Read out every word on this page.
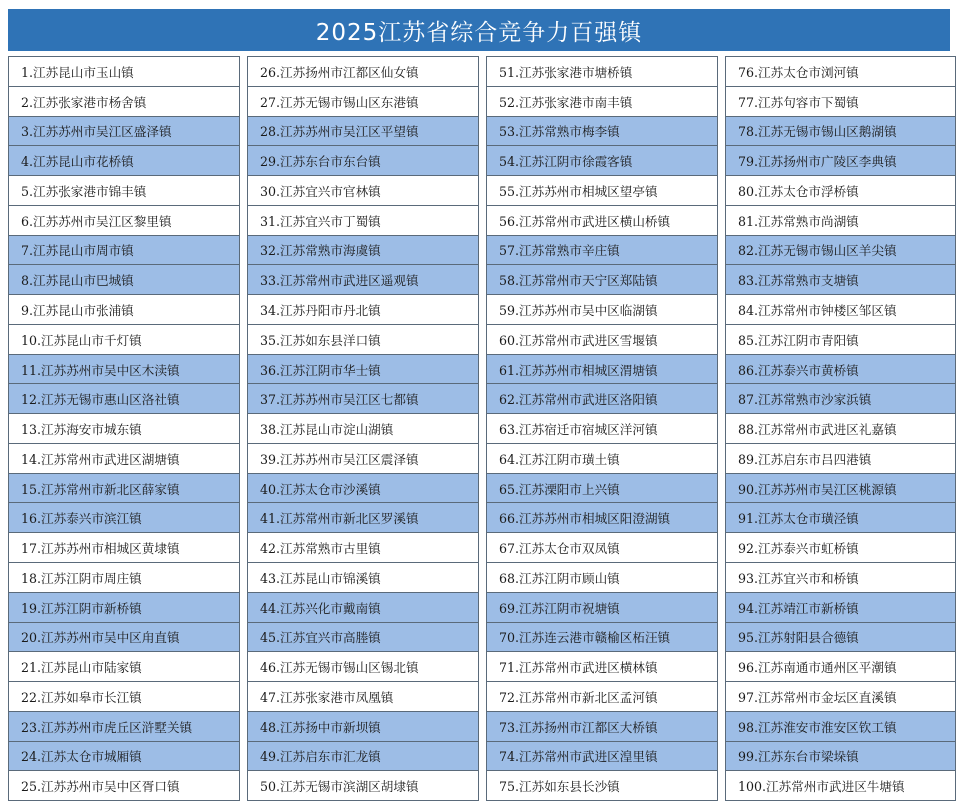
2025江苏省综合竞争力百强镇
1.江苏昆山市玉山镇
2.江苏张家港市杨舍镇
3.江苏苏州市吴江区盛泽镇
4.江苏昆山市花桥镇
5.江苏张家港市锦丰镇
6.江苏苏州市吴江区黎里镇
7.江苏昆山市周市镇
8.江苏昆山市巴城镇
9.江苏昆山市张浦镇
10.江苏昆山市千灯镇
11.江苏苏州市吴中区木渎镇
12.江苏无锡市惠山区洛社镇
13.江苏海安市城东镇
14.江苏常州市武进区湖塘镇
15.江苏常州市新北区薛家镇
16.江苏泰兴市滨江镇
17.江苏苏州市相城区黄埭镇
18.江苏江阴市周庄镇
19.江苏江阴市新桥镇
20.江苏苏州市吴中区甪直镇
21.江苏昆山市陆家镇
22.江苏如皋市长江镇
23.江苏苏州市虎丘区浒墅关镇
24.江苏太仓市城厢镇
25.江苏苏州市吴中区胥口镇
26.江苏扬州市江都区仙女镇
27.江苏无锡市锡山区东港镇
28.江苏苏州市吴江区平望镇
29.江苏东台市东台镇
30.江苏宜兴市官林镇
31.江苏宜兴市丁蜀镇
32.江苏常熟市海虞镇
33.江苏常州市武进区遥观镇
34.江苏丹阳市丹北镇
35.江苏如东县洋口镇
36.江苏江阴市华士镇
37.江苏苏州市吴江区七都镇
38.江苏昆山市淀山湖镇
39.江苏苏州市吴江区震泽镇
40.江苏太仓市沙溪镇
41.江苏常州市新北区罗溪镇
42.江苏常熟市古里镇
43.江苏昆山市锦溪镇
44.江苏兴化市戴南镇
45.江苏宜兴市高塍镇
46.江苏无锡市锡山区锡北镇
47.江苏张家港市凤凰镇
48.江苏扬中市新坝镇
49.江苏启东市汇龙镇
50.江苏无锡市滨湖区胡埭镇
51.江苏张家港市塘桥镇
52.江苏张家港市南丰镇
53.江苏常熟市梅李镇
54.江苏江阴市徐霞客镇
55.江苏苏州市相城区望亭镇
56.江苏常州市武进区横山桥镇
57.江苏常熟市辛庄镇
58.江苏常州市天宁区郑陆镇
59.江苏苏州市吴中区临湖镇
60.江苏常州市武进区雪堰镇
61.江苏苏州市相城区渭塘镇
62.江苏常州市武进区洛阳镇
63.江苏宿迁市宿城区洋河镇
64.江苏江阴市璜土镇
65.江苏溧阳市上兴镇
66.江苏苏州市相城区阳澄湖镇
67.江苏太仓市双凤镇
68.江苏江阴市顾山镇
69.江苏江阴市祝塘镇
70.江苏连云港市赣榆区柘汪镇
71.江苏常州市武进区横林镇
72.江苏常州市新北区孟河镇
73.江苏扬州市江都区大桥镇
74.江苏常州市武进区湟里镇
75.江苏如东县长沙镇
76.江苏太仓市浏河镇
77.江苏句容市下蜀镇
78.江苏无锡市锡山区鹅湖镇
79.江苏扬州市广陵区李典镇
80.江苏太仓市浮桥镇
81.江苏常熟市尚湖镇
82.江苏无锡市锡山区羊尖镇
83.江苏常熟市支塘镇
84.江苏常州市钟楼区邹区镇
85.江苏江阴市青阳镇
86.江苏泰兴市黄桥镇
87.江苏常熟市沙家浜镇
88.江苏常州市武进区礼嘉镇
89.江苏启东市吕四港镇
90.江苏苏州市吴江区桃源镇
91.江苏太仓市璜泾镇
92.江苏泰兴市虹桥镇
93.江苏宜兴市和桥镇
94.江苏靖江市新桥镇
95.江苏射阳县合德镇
96.江苏南通市通州区平潮镇
97.江苏常州市金坛区直溪镇
98.江苏淮安市淮安区钦工镇
99.江苏东台市梁垛镇
100.江苏常州市武进区牛塘镇
